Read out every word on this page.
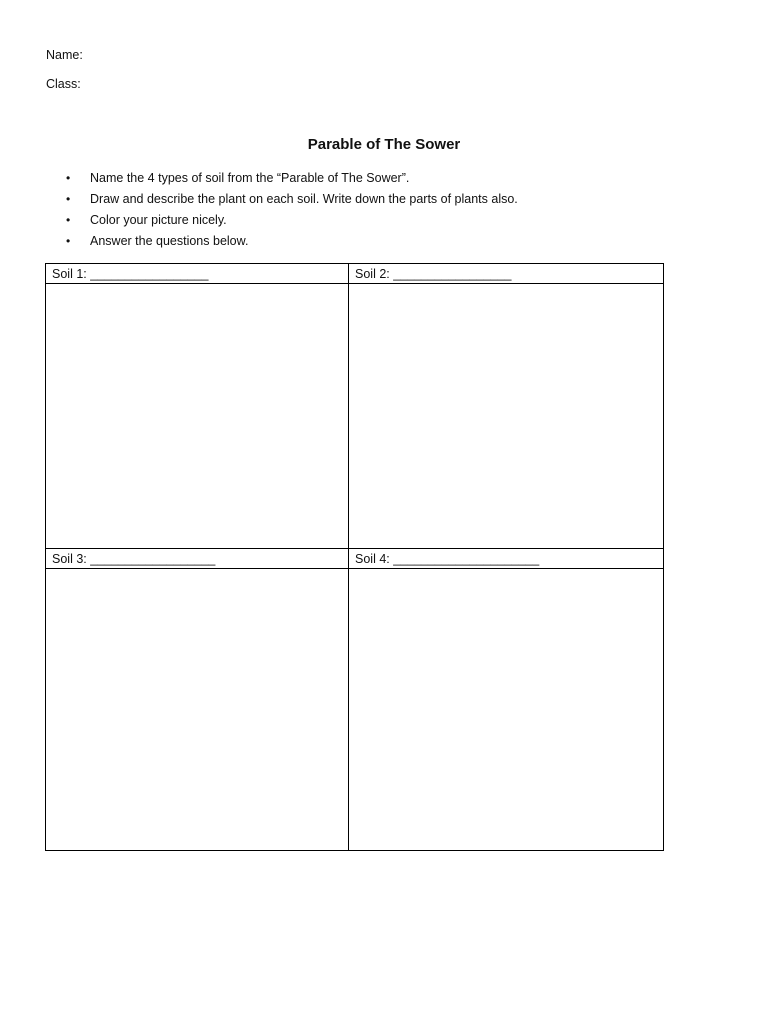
Name:
Class:
Parable of The Sower
• Name the 4 types of soil from the “Parable of The Sower”.
• Draw and describe the plant on each soil. Write down the parts of plants also.
• Color your picture nicely.
• Answer the questions below.
Soil 1: _________________	Soil 2: _________________
Soil 3: __________________	Soil 4: _____________________
